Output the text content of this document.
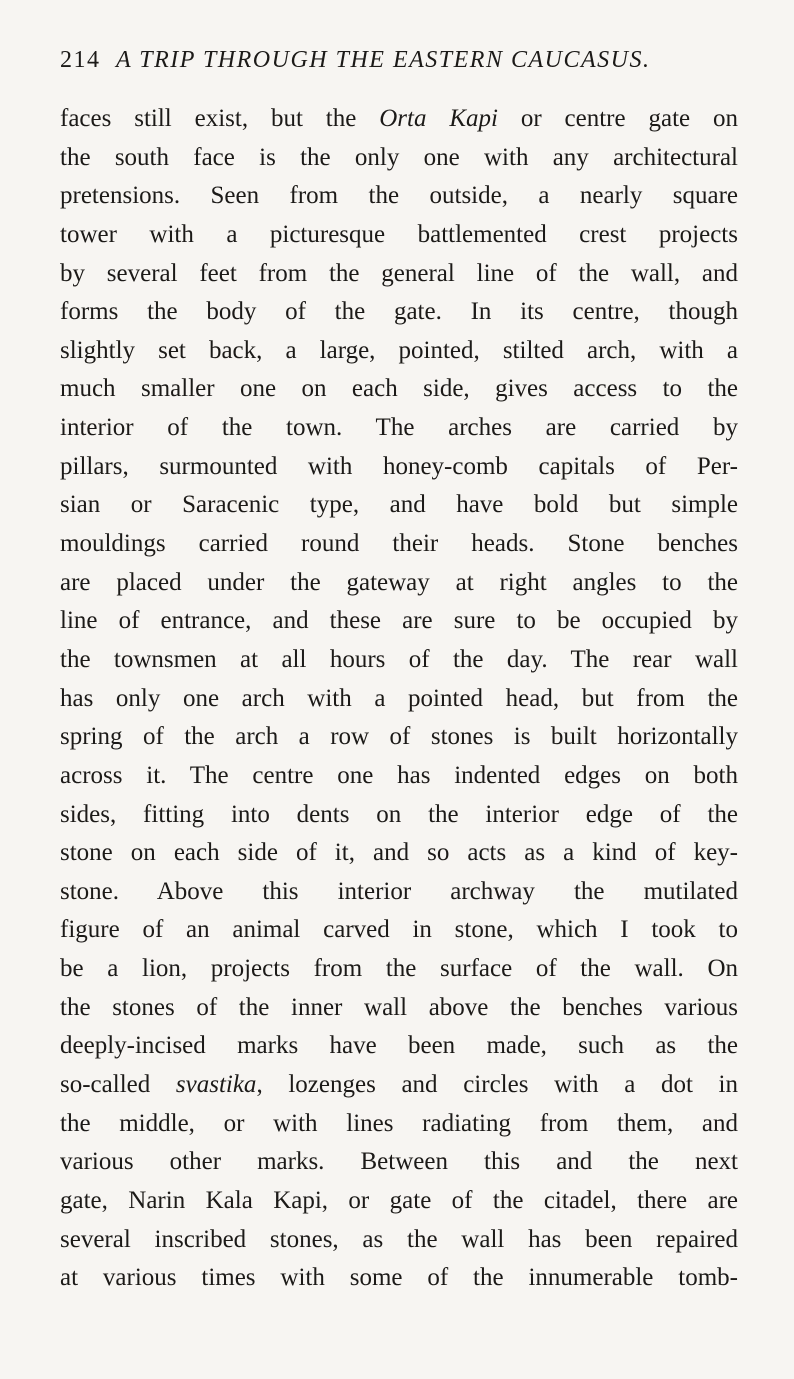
214 A TRIP THROUGH THE EASTERN CAUCASUS.
faces still exist, but the Orta Kapi or centre gate on
the south face is the only one with any architectural
pretensions. Seen from the outside, a nearly square
tower with a picturesque battlemented crest projects
by several feet from the general line of the wall, and
forms the body of the gate. In its centre, though
slightly set back, a large, pointed, stilted arch, with a
much smaller one on each side, gives access to the
interior of the town. The arches are carried by
pillars, surmounted with honey-comb capitals of Per-
sian or Saracenic type, and have bold but simple
mouldings carried round their heads. Stone benches
are placed under the gateway at right angles to the
line of entrance, and these are sure to be occupied by
the townsmen at all hours of the day. The rear wall
has only one arch with a pointed head, but from the
spring of the arch a row of stones is built horizontally
across it. The centre one has indented edges on both
sides, fitting into dents on the interior edge of the
stone on each side of it, and so acts as a kind of key-
stone. Above this interior archway the mutilated
figure of an animal carved in stone, which I took to
be a lion, projects from the surface of the wall. On
the stones of the inner wall above the benches various
deeply-incised marks have been made, such as the
so-called svastika, lozenges and circles with a dot in
the middle, or with lines radiating from them, and
various other marks. Between this and the next
gate, Narin Kala Kapi, or gate of the citadel, there are
several inscribed stones, as the wall has been repaired
at various times with some of the innumerable tomb-
